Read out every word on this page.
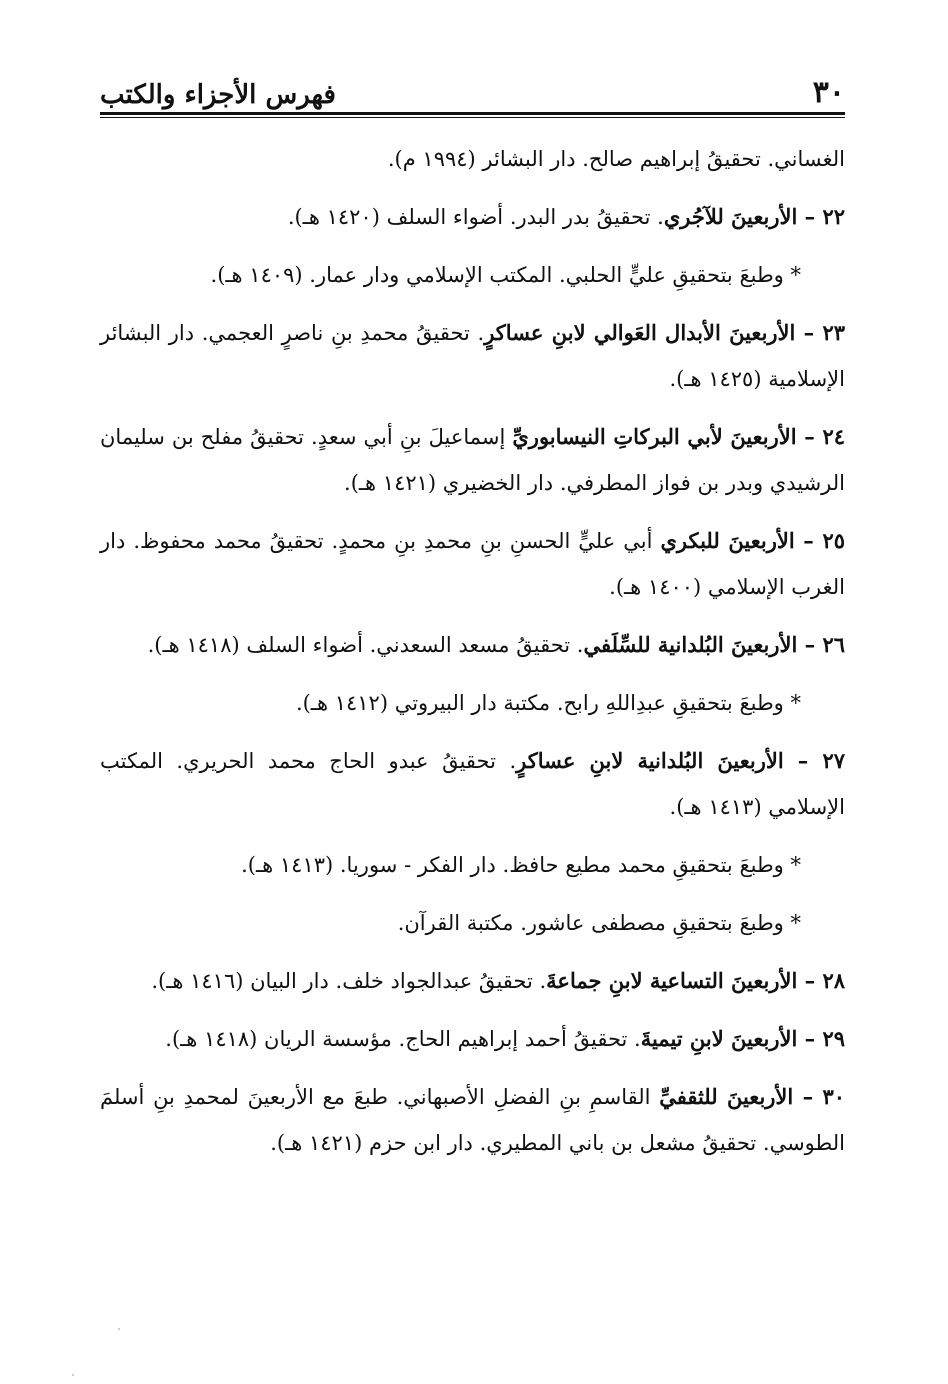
٣٠
فهرس الأجزاء والكتب

الغساني. تحقيقُ إبراهيم صالح. دار البشائر (١٩٩٤ م).

٢٢ – الأربعينَ للآجُري. تحقيقُ بدر البدر. أضواء السلف (١٤٢٠ هـ).

* وطبعَ بتحقيقِ عليٍّ الحلبي. المكتب الإسلامي ودار عمار. (١٤٠٩ هـ).

٢٣ – الأربعينَ الأبدال العَوالي لابنِ عساكرٍ. تحقيقُ محمدِ بنِ ناصرٍ العجمي. دار البشائر الإسلامية (١٤٢٥ هـ).

٢٤ – الأربعينَ لأبي البركاتِ النيسابوريِّ إسماعيلَ بنِ أبي سعدٍ. تحقيقُ مفلح بن سليمان الرشيدي وبدر بن فواز المطرفي. دار الخضيري (١٤٢١ هـ).

٢٥ – الأربعينَ للبكري أبي عليٍّ الحسنِ بنِ محمدِ بنِ محمدٍ. تحقيقُ محمد محفوظ. دار الغرب الإسلامي (١٤٠٠ هـ).

٢٦ – الأربعينَ البُلدانية للسِّلَفي. تحقيقُ مسعد السعدني. أضواء السلف (١٤١٨ هـ).

* وطبعَ بتحقيقِ عبدِاللهِ رابح. مكتبة دار البيروتي (١٤١٢ هـ).

٢٧ – الأربعينَ البُلدانية لابنِ عساكرٍ. تحقيقُ عبدو الحاج محمد الحريري. المكتب الإسلامي (١٤١٣ هـ).

* وطبعَ بتحقيقِ محمد مطيع حافظ. دار الفكر - سوريا. (١٤١٣ هـ).

* وطبعَ بتحقيقِ مصطفى عاشور. مكتبة القرآن.

٢٨ – الأربعينَ التساعية لابنِ جماعةَ. تحقيقُ عبدالجواد خلف. دار البيان (١٤١٦ هـ).

٢٩ – الأربعينَ لابنِ تيميةَ. تحقيقُ أحمد إبراهيم الحاج. مؤسسة الريان (١٤١٨ هـ).

٣٠ – الأربعينَ للثقفيِّ القاسمِ بنِ الفضلِ الأصبهاني. طبعَ مع الأربعينَ لمحمدِ بنِ أسلمَ الطوسي. تحقيقُ مشعل بن باني المطيري. دار ابن حزم (١٤٢١ هـ).
